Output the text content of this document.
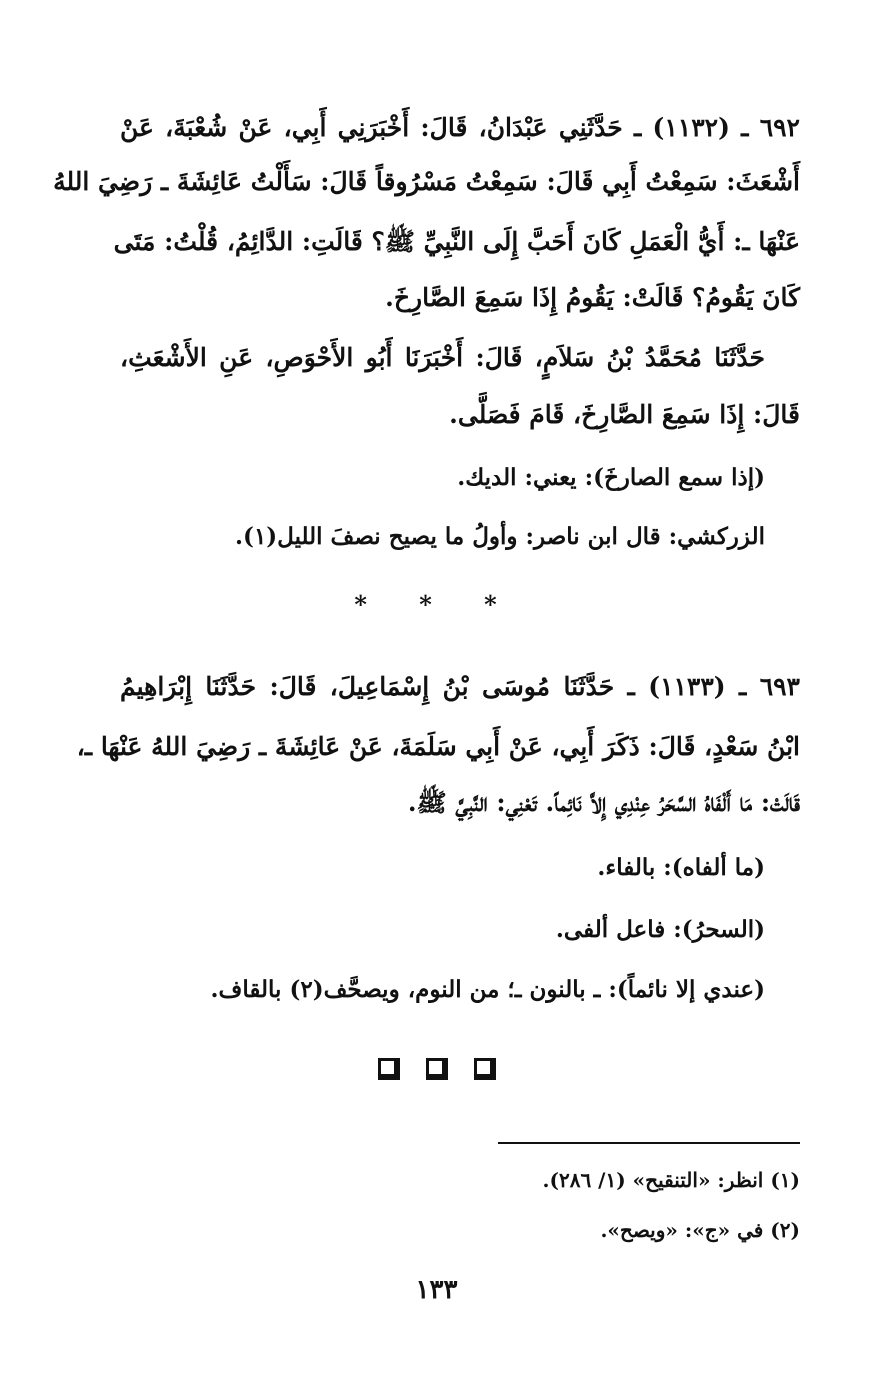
٦٩٢ ـ (١١٣٢) ـ حَدَّثَنِي عَبْدَانُ، قَالَ: أَخْبَرَنِي أَبِي، عَنْ شُعْبَةَ، عَنْ
أَشْعَثَ: سَمِعْتُ أَبِي قَالَ: سَمِعْتُ مَسْرُوقاً قَالَ: سَأَلْتُ عَائِشَةَ ـ رَضِيَ اللهُ
عَنْهَا ـ: أَيُّ الْعَمَلِ كَانَ أَحَبَّ إِلَى النَّبِيِّ ﷺ؟ قَالَتِ: الدَّائِمُ، قُلْتُ: مَتَى
كَانَ يَقُومُ؟ قَالَتْ: يَقُومُ إِذَا سَمِعَ الصَّارِخَ.
حَدَّثَنَا مُحَمَّدُ بْنُ سَلاَمٍ، قَالَ: أَخْبَرَنَا أَبُو الأَحْوَصِ، عَنِ الأَشْعَثِ،
قَالَ: إِذَا سَمِعَ الصَّارِخَ، قَامَ فَصَلَّى.
(إذا سمع الصارخَ): يعني: الديك.
الزركشي: قال ابن ناصر: وأولُ ما يصيح نصفَ الليل(١).
* * *
٦٩٣ ـ (١١٣٣) ـ حَدَّثَنَا مُوسَى بْنُ إِسْمَاعِيلَ، قَالَ: حَدَّثَنَا إِبْرَاهِيمُ
ابْنُ سَعْدٍ، قَالَ: ذَكَرَ أَبِي، عَنْ أَبِي سَلَمَةَ، عَنْ عَائِشَةَ ـ رَضِيَ اللهُ عَنْهَا ـ،
قَالَتْ: مَا أَلْفَاهُ السَّحَرُ عِنْدِي إِلاَّ نَائِماً. تَعْنِي: النَّبِيَّ ﷺ.
(ما ألفاه): بالفاء.
(السحرُ): فاعل ألفى.
(عندي إلا نائماً): ـ بالنون ـ؛ من النوم، ويصحَّف(٢) بالقاف.
(١) انظر: «التنقيح» (١/ ٢٨٦).
(٢) في «ج»: «ويصح».
١٣٣
